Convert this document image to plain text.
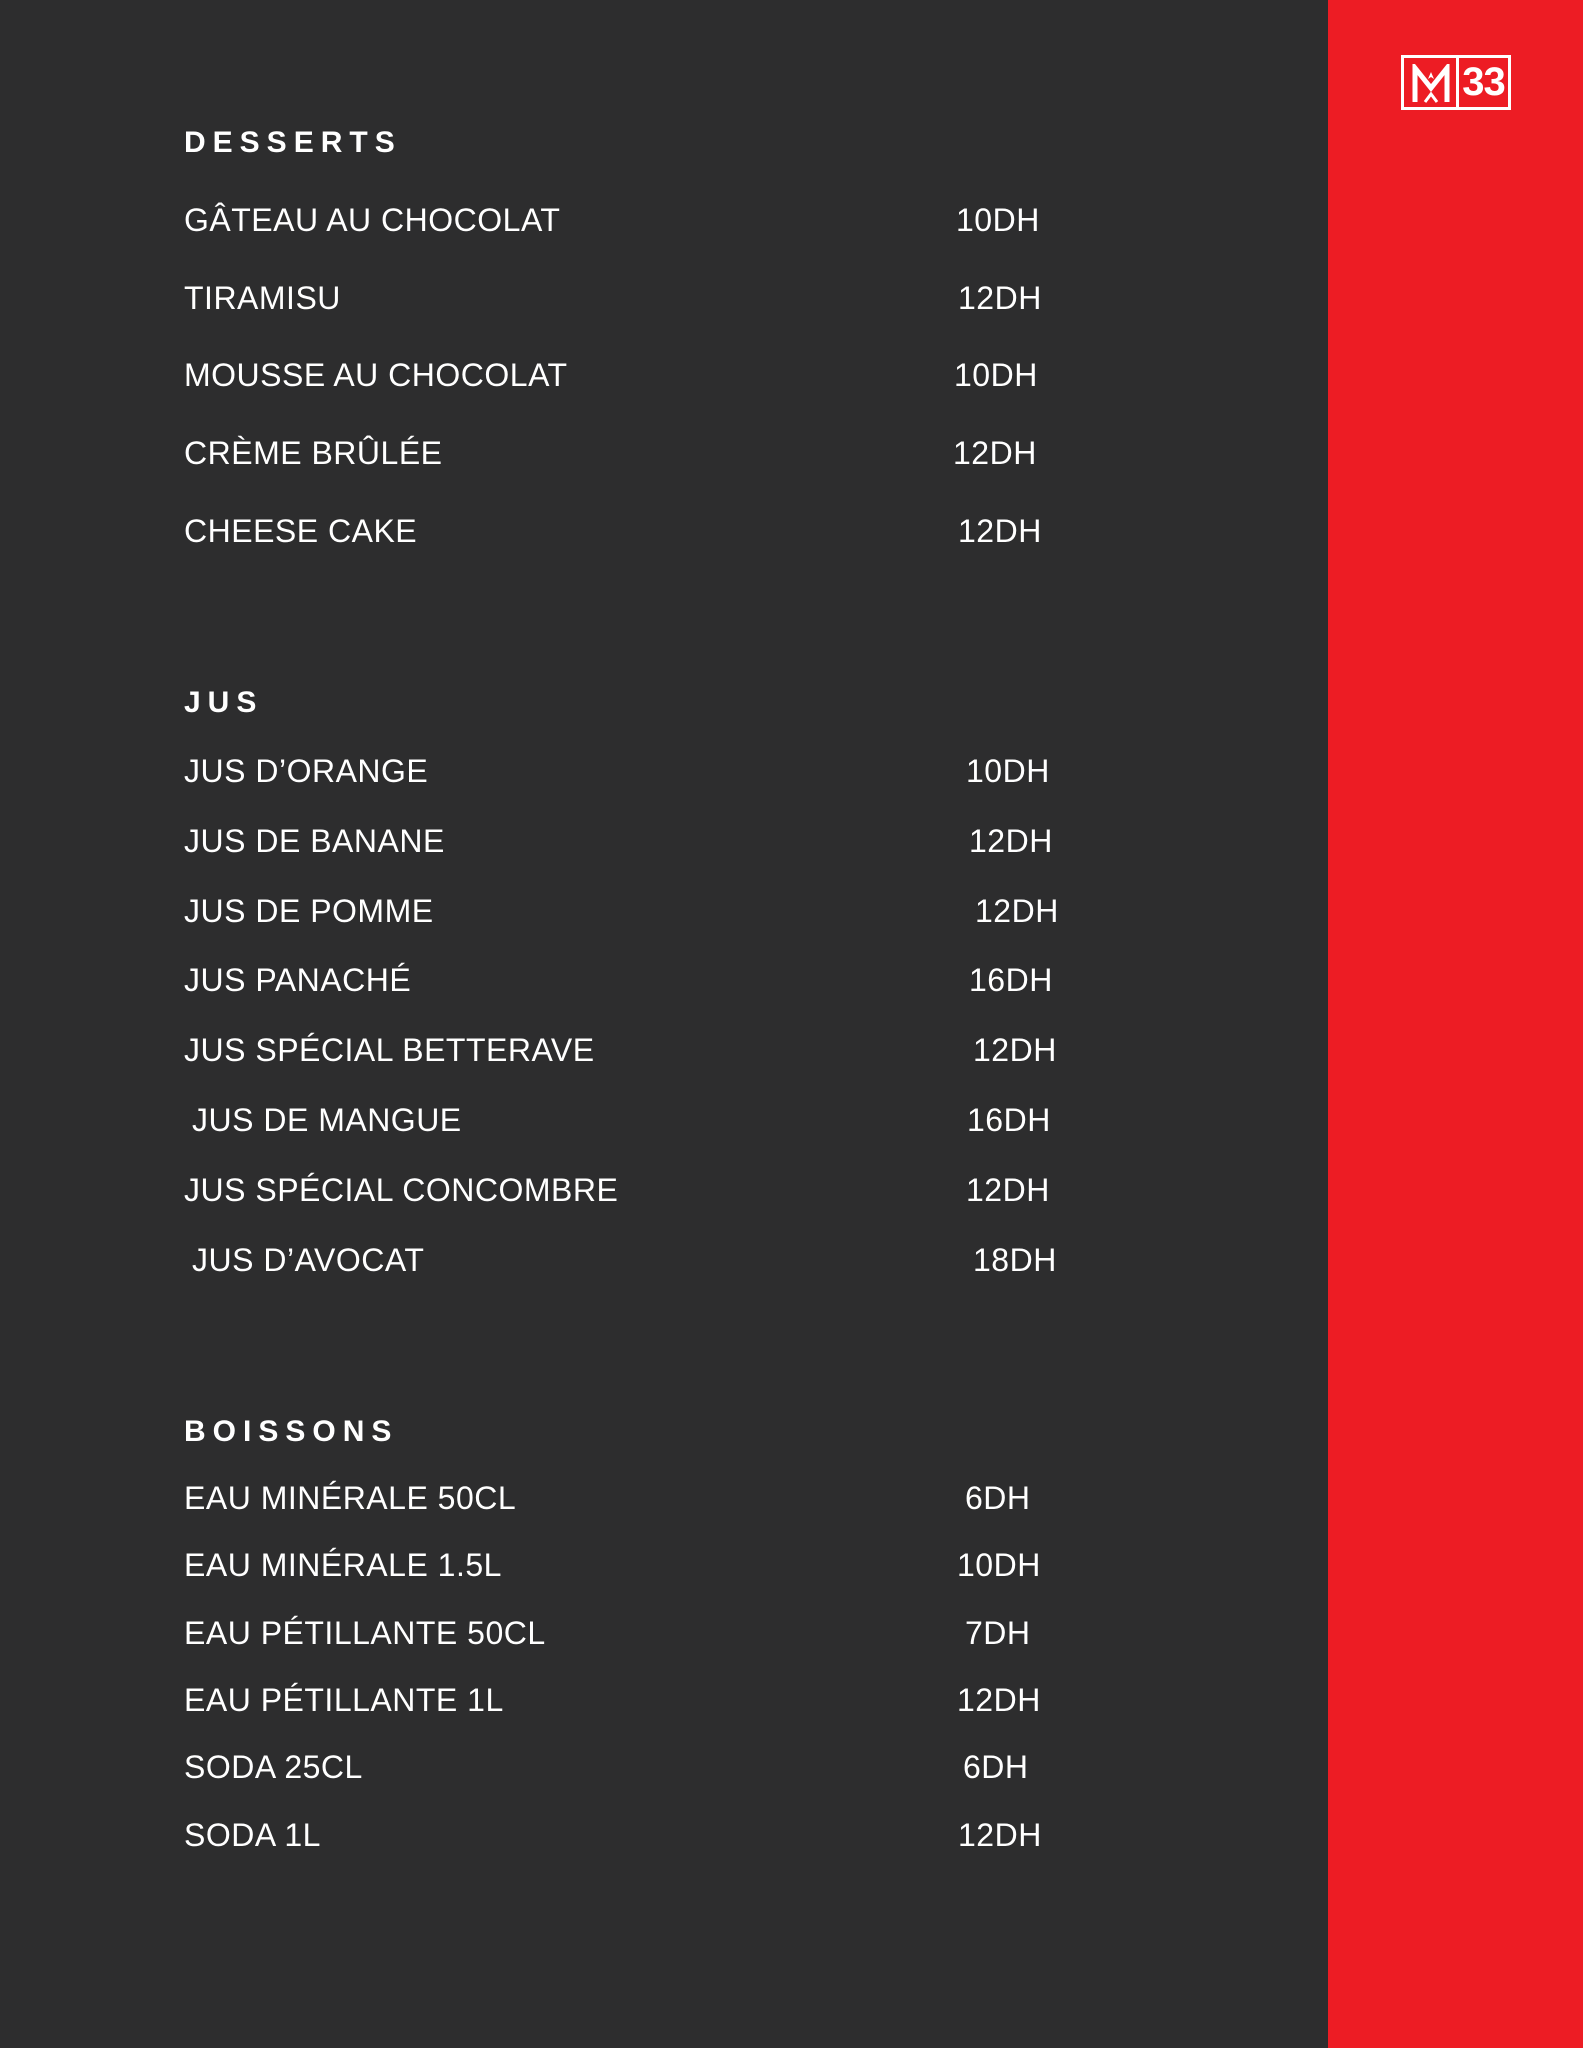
33
DESSERTS
GÂTEAU AU CHOCOLAT	10DH
TIRAMISU	12DH
MOUSSE AU CHOCOLAT	10DH
CRÈME BRÛLÉE	12DH
CHEESE CAKE	12DH
JUS
JUS D’ORANGE	10DH
JUS DE BANANE	12DH
JUS DE POMME	12DH
JUS PANACHÉ	16DH
JUS SPÉCIAL BETTERAVE	12DH
JUS DE MANGUE	16DH
JUS SPÉCIAL CONCOMBRE	12DH
JUS D’AVOCAT	18DH
BOISSONS
EAU MINÉRALE 50CL	6DH
EAU MINÉRALE 1.5L	10DH
EAU PÉTILLANTE 50CL	7DH
EAU PÉTILLANTE 1L	12DH
SODA 25CL	6DH
SODA 1L	12DH
